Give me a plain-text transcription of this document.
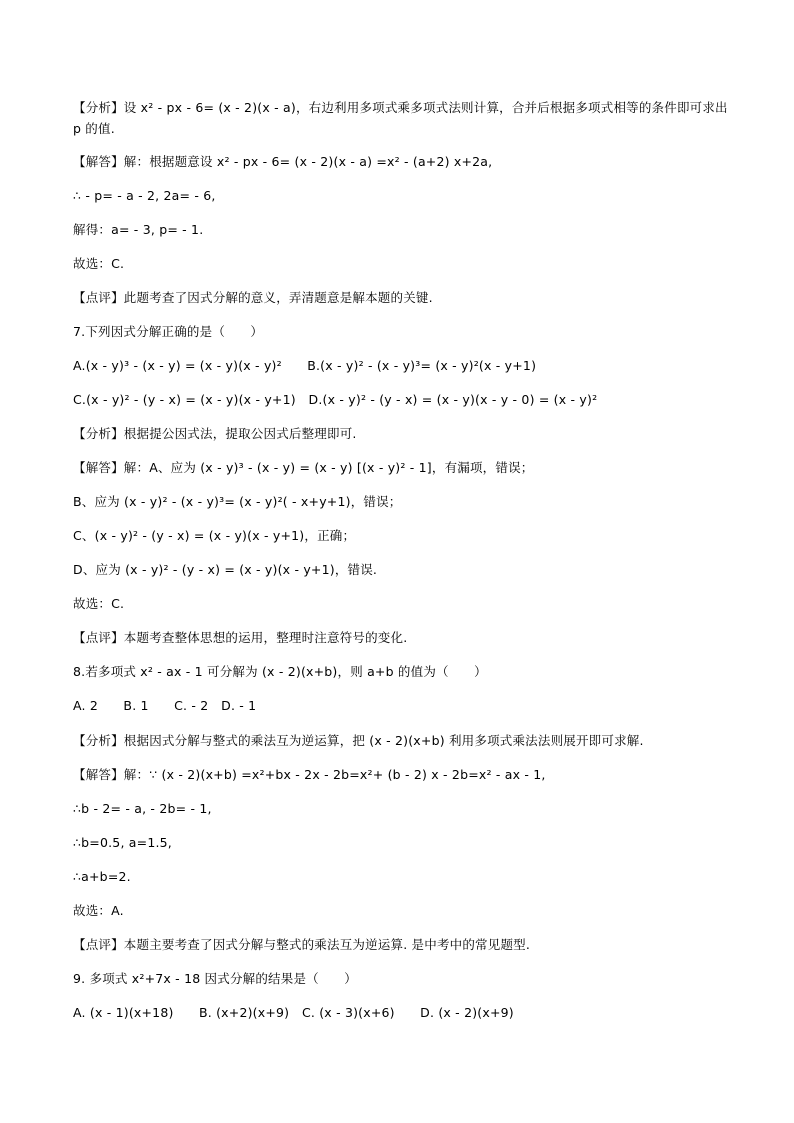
【分析】设 x² - px - 6= (x - 2)(x - a)，右边利用多项式乘多项式法则计算，合并后根据多项式相等的条件即可求出 p 的值.
【解答】解：根据题意设 x² - px - 6= (x - 2)(x - a) =x² - (a+2) x+2a,
∴ - p= - a - 2, 2a= - 6,
解得：a= - 3, p= - 1.
故选：C.
【点评】此题考查了因式分解的意义，弄清题意是解本题的关键.
7.下列因式分解正确的是（　　）
A.(x - y)³ - (x - y) = (x - y)(x - y)²　　B.(x - y)² - (x - y)³= (x - y)²(x - y+1)
C.(x - y)² - (y - x) = (x - y)(x - y+1)　D.(x - y)² - (y - x) = (x - y)(x - y - 0) = (x - y)²
【分析】根据提公因式法，提取公因式后整理即可.
【解答】解：A、应为 (x - y)³ - (x - y) = (x - y) [(x - y)² - 1]，有漏项，错误；
B、应为 (x - y)² - (x - y)³= (x - y)²( - x+y+1)，错误；
C、(x - y)² - (y - x) = (x - y)(x - y+1)，正确；
D、应为 (x - y)² - (y - x) = (x - y)(x - y+1)，错误.
故选：C.
【点评】本题考查整体思想的运用，整理时注意符号的变化.
8.若多项式 x² - ax - 1 可分解为 (x - 2)(x+b)，则 a+b 的值为（　　）
A. 2　　B. 1　　C. - 2　D. - 1
【分析】根据因式分解与整式的乘法互为逆运算，把 (x - 2)(x+b) 利用多项式乘法法则展开即可求解.
【解答】解：∵ (x - 2)(x+b) =x²+bx - 2x - 2b=x²+ (b - 2) x - 2b=x² - ax - 1,
∴b - 2= - a, - 2b= - 1,
∴b=0.5, a=1.5,
∴a+b=2.
故选：A.
【点评】本题主要考查了因式分解与整式的乘法互为逆运算. 是中考中的常见题型.
9. 多项式 x²+7x - 18 因式分解的结果是（　　）
A. (x - 1)(x+18)　　B. (x+2)(x+9)　C. (x - 3)(x+6)　　D. (x - 2)(x+9)
